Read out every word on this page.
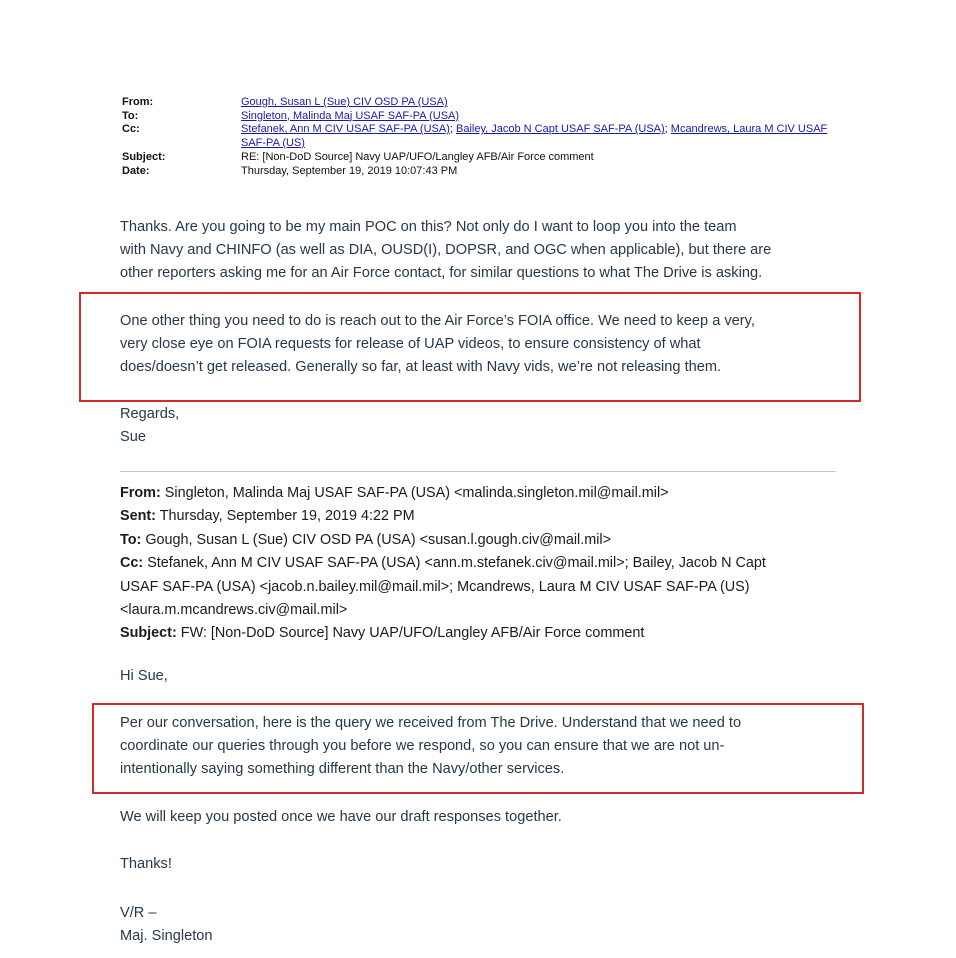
From:	Gough, Susan L (Sue) CIV OSD PA (USA)
To:	Singleton, Malinda Maj USAF SAF-PA (USA)
Cc:	Stefanek, Ann M CIV USAF SAF-PA (USA); Bailey, Jacob N Capt USAF SAF-PA (USA); Mcandrews, Laura M CIV USAF SAF-PA (US)
Subject:	RE: [Non-DoD Source] Navy UAP/UFO/Langley AFB/Air Force comment
Date:	Thursday, September 19, 2019 10:07:43 PM

Thanks. Are you going to be my main POC on this? Not only do I want to loop you into the team
with Navy and CHINFO (as well as DIA, OUSD(I), DOPSR, and OGC when applicable), but there are
other reporters asking me for an Air Force contact, for similar questions to what The Drive is asking.

One other thing you need to do is reach out to the Air Force’s FOIA office. We need to keep a very,
very close eye on FOIA requests for release of UAP videos, to ensure consistency of what
does/doesn’t get released. Generally so far, at least with Navy vids, we’re not releasing them.

Regards,
Sue

From: Singleton, Malinda Maj USAF SAF-PA (USA) <malinda.singleton.mil@mail.mil>
Sent: Thursday, September 19, 2019 4:22 PM
To: Gough, Susan L (Sue) CIV OSD PA (USA) <susan.l.gough.civ@mail.mil>
Cc: Stefanek, Ann M CIV USAF SAF-PA (USA) <ann.m.stefanek.civ@mail.mil>; Bailey, Jacob N Capt
USAF SAF-PA (USA) <jacob.n.bailey.mil@mail.mil>; Mcandrews, Laura M CIV USAF SAF-PA (US)
<laura.m.mcandrews.civ@mail.mil>
Subject: FW: [Non-DoD Source] Navy UAP/UFO/Langley AFB/Air Force comment

Hi Sue,

Per our conversation, here is the query we received from The Drive. Understand that we need to
coordinate our queries through you before we respond, so you can ensure that we are not un-
intentionally saying something different than the Navy/other services.

We will keep you posted once we have our draft responses together.

Thanks!

V/R –
Maj. Singleton
